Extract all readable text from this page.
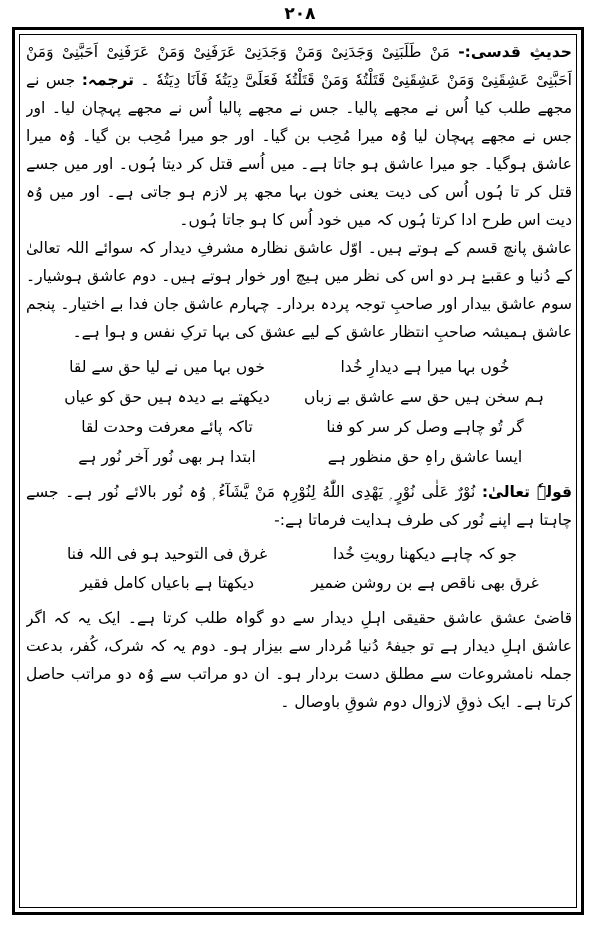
۲۰۸

حدیثِ قدسی:- مَنْ طَلَبَنِیْ وَجَدَنِیْ وَمَنْ وَجَدَنِیْ عَرَفَنِیْ وَمَنْ عَرَفَنِیْ اَحَبَّنِیْ وَمَنْ اَحَبَّنِیْ عَشِقَنِیْ وَمَنْ عَشِقَنِیْ قَتَلْتُهٗ وَمَنْ قَتَلْتُهٗ فَعَلَیَّ دِیَتُهٗ فَاَنَا دِیَتُهٗ ۔ ترجمہ: جس نے مجھے طلب کیا اُس نے مجھے پالیا۔ جس نے مجھے پالیا اُس نے مجھے پہچان لیا۔ اور جس نے مجھے پہچان لیا وُہ میرا مُحِب بن گیا۔ اور جو میرا مُحِب بن گیا۔ وُہ میرا عاشق ہوگیا۔ جو میرا عاشق ہو جاتا ہے۔ میں اُسے قتل کر دیتا ہُوں۔ اور میں جسے قتل کر تا ہُوں اُس کی دیت یعنی خون بہا مجھ پر لازم ہو جاتی ہے۔ اور میں وُہ دیت اس طرح ادا کرتا ہُوں کہ میں خود اُس کا ہو جاتا ہُوں۔

عاشق پانچ قسم کے ہوتے ہیں۔ اوّل عاشق نظارہ مشرفِ دیدار کہ سوائے اللہ تعالیٰ کے دُنیا و عقبےٰ ہر دو اس کی نظر میں ہیچ اور خوار ہوتے ہیں۔ دوم عاشق ہوشیار۔ سوم عاشق بیدار اور صاحبِ توجہ پردہ بردار۔ چہارم عاشق جان فدا بے اختیار۔ پنجم عاشق ہمیشہ صاحبِ انتظار عاشق کے لیے عشق کی بہا ترکِ نفس و ہوا ہے۔

خُوں بہا میرا ہے دیدارِ خُدا
خوں بہا میں نے لیا حق سے لقا
ہم سخن ہیں حق سے عاشق بے زباں
دیکھتے بے دیدہ ہیں حق کو عیاں
گر تُو چاہے وصل کر سر کو فنا
تاکہ پائے معرفت وحدت لقا
ایسا عاشق راہِ حق منظور ہے
ابتدا ہر بھی نُور آخر نُور ہے

قولہٗ تعالیٰ: نُوْرٌ عَلٰی نُوْرٍ ۭ یَهْدِی اللّٰهُ لِنُوْرِهٖ مَنْ یَّشَآءُ ۭ وُہ نُور بالائے نُور ہے۔ جسے چاہتا ہے اپنے نُور کی طرف ہدایت فرماتا ہے:-

جو کہ چاہے دیکھنا رویتِ خُدا
غرق فی التوحید ہو فی اللہ فنا
غرق بھی ناقص ہے بن روشن ضمیر
دیکھتا ہے باعیاں کامل فقیر

قاضیٔ عشق عاشق حقیقی اہلِ دیدار سے دو گواہ طلب کرتا ہے۔ ایک یہ کہ اگر عاشق اہلِ دیدار ہے تو جیفۂ دُنیا مُردار سے بیزار ہو۔ دوم یہ کہ شرک، کُفر، بدعت جملہ نامشروعات سے مطلق دست بردار ہو۔ ان دو مراتب سے وُہ دو مراتب حاصل کرتا ہے۔ ایک ذوقِ لازوال دوم شوقِ باوصال ۔
